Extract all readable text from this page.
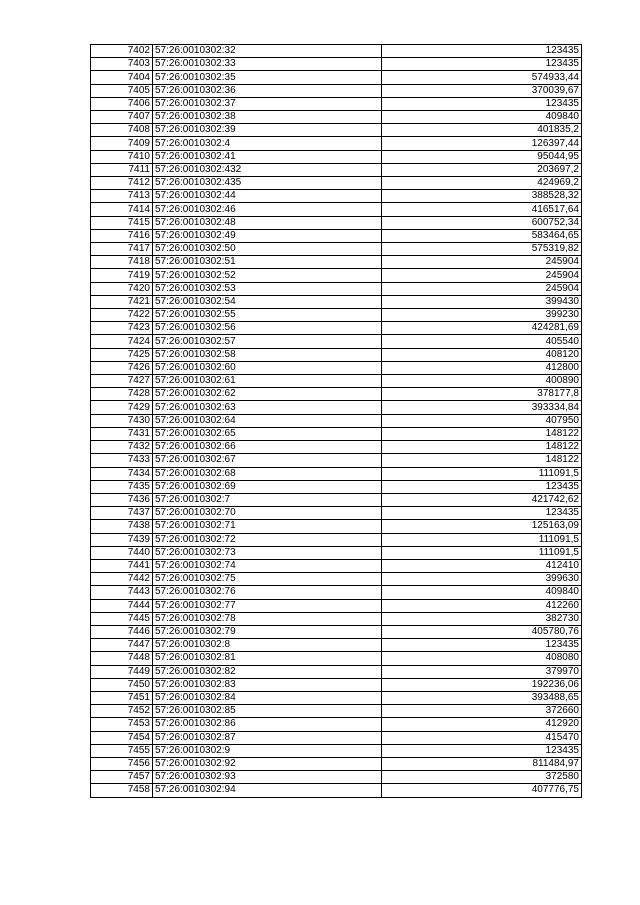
7402	57:26:0010302:32	123435
7403	57:26:0010302:33	123435
7404	57:26:0010302:35	574933,44
7405	57:26:0010302:36	370039,67
7406	57:26:0010302:37	123435
7407	57:26:0010302:38	409840
7408	57:26:0010302:39	401835,2
7409	57:26:0010302:4	126397,44
7410	57:26:0010302:41	95044,95
7411	57:26:0010302:432	203697,2
7412	57:26:0010302:435	424969,2
7413	57:26:0010302:44	388528,32
7414	57:26:0010302:46	416517,64
7415	57:26:0010302:48	600752,34
7416	57:26:0010302:49	583464,65
7417	57:26:0010302:50	575319,82
7418	57:26:0010302:51	245904
7419	57:26:0010302:52	245904
7420	57:26:0010302:53	245904
7421	57:26:0010302:54	399430
7422	57:26:0010302:55	399230
7423	57:26:0010302:56	424281,69
7424	57:26:0010302:57	405540
7425	57:26:0010302:58	408120
7426	57:26:0010302:60	412800
7427	57:26:0010302:61	400890
7428	57:26:0010302:62	378177,8
7429	57:26:0010302:63	393334,84
7430	57:26:0010302:64	407950
7431	57:26:0010302:65	148122
7432	57:26:0010302:66	148122
7433	57:26:0010302:67	148122
7434	57:26:0010302:68	111091,5
7435	57:26:0010302:69	123435
7436	57:26:0010302:7	421742,62
7437	57:26:0010302:70	123435
7438	57:26:0010302:71	125163,09
7439	57:26:0010302:72	111091,5
7440	57:26:0010302:73	111091,5
7441	57:26:0010302:74	412410
7442	57:26:0010302:75	399630
7443	57:26:0010302:76	409840
7444	57:26:0010302:77	412260
7445	57:26:0010302:78	382730
7446	57:26:0010302:79	405780,76
7447	57:26:0010302:8	123435
7448	57:26:0010302:81	408080
7449	57:26:0010302:82	379970
7450	57:26:0010302:83	192236,06
7451	57:26:0010302:84	393488,65
7452	57:26:0010302:85	372660
7453	57:26:0010302:86	412920
7454	57:26:0010302:87	415470
7455	57:26:0010302:9	123435
7456	57:26:0010302:92	811484,97
7457	57:26:0010302:93	372580
7458	57:26:0010302:94	407776,75
